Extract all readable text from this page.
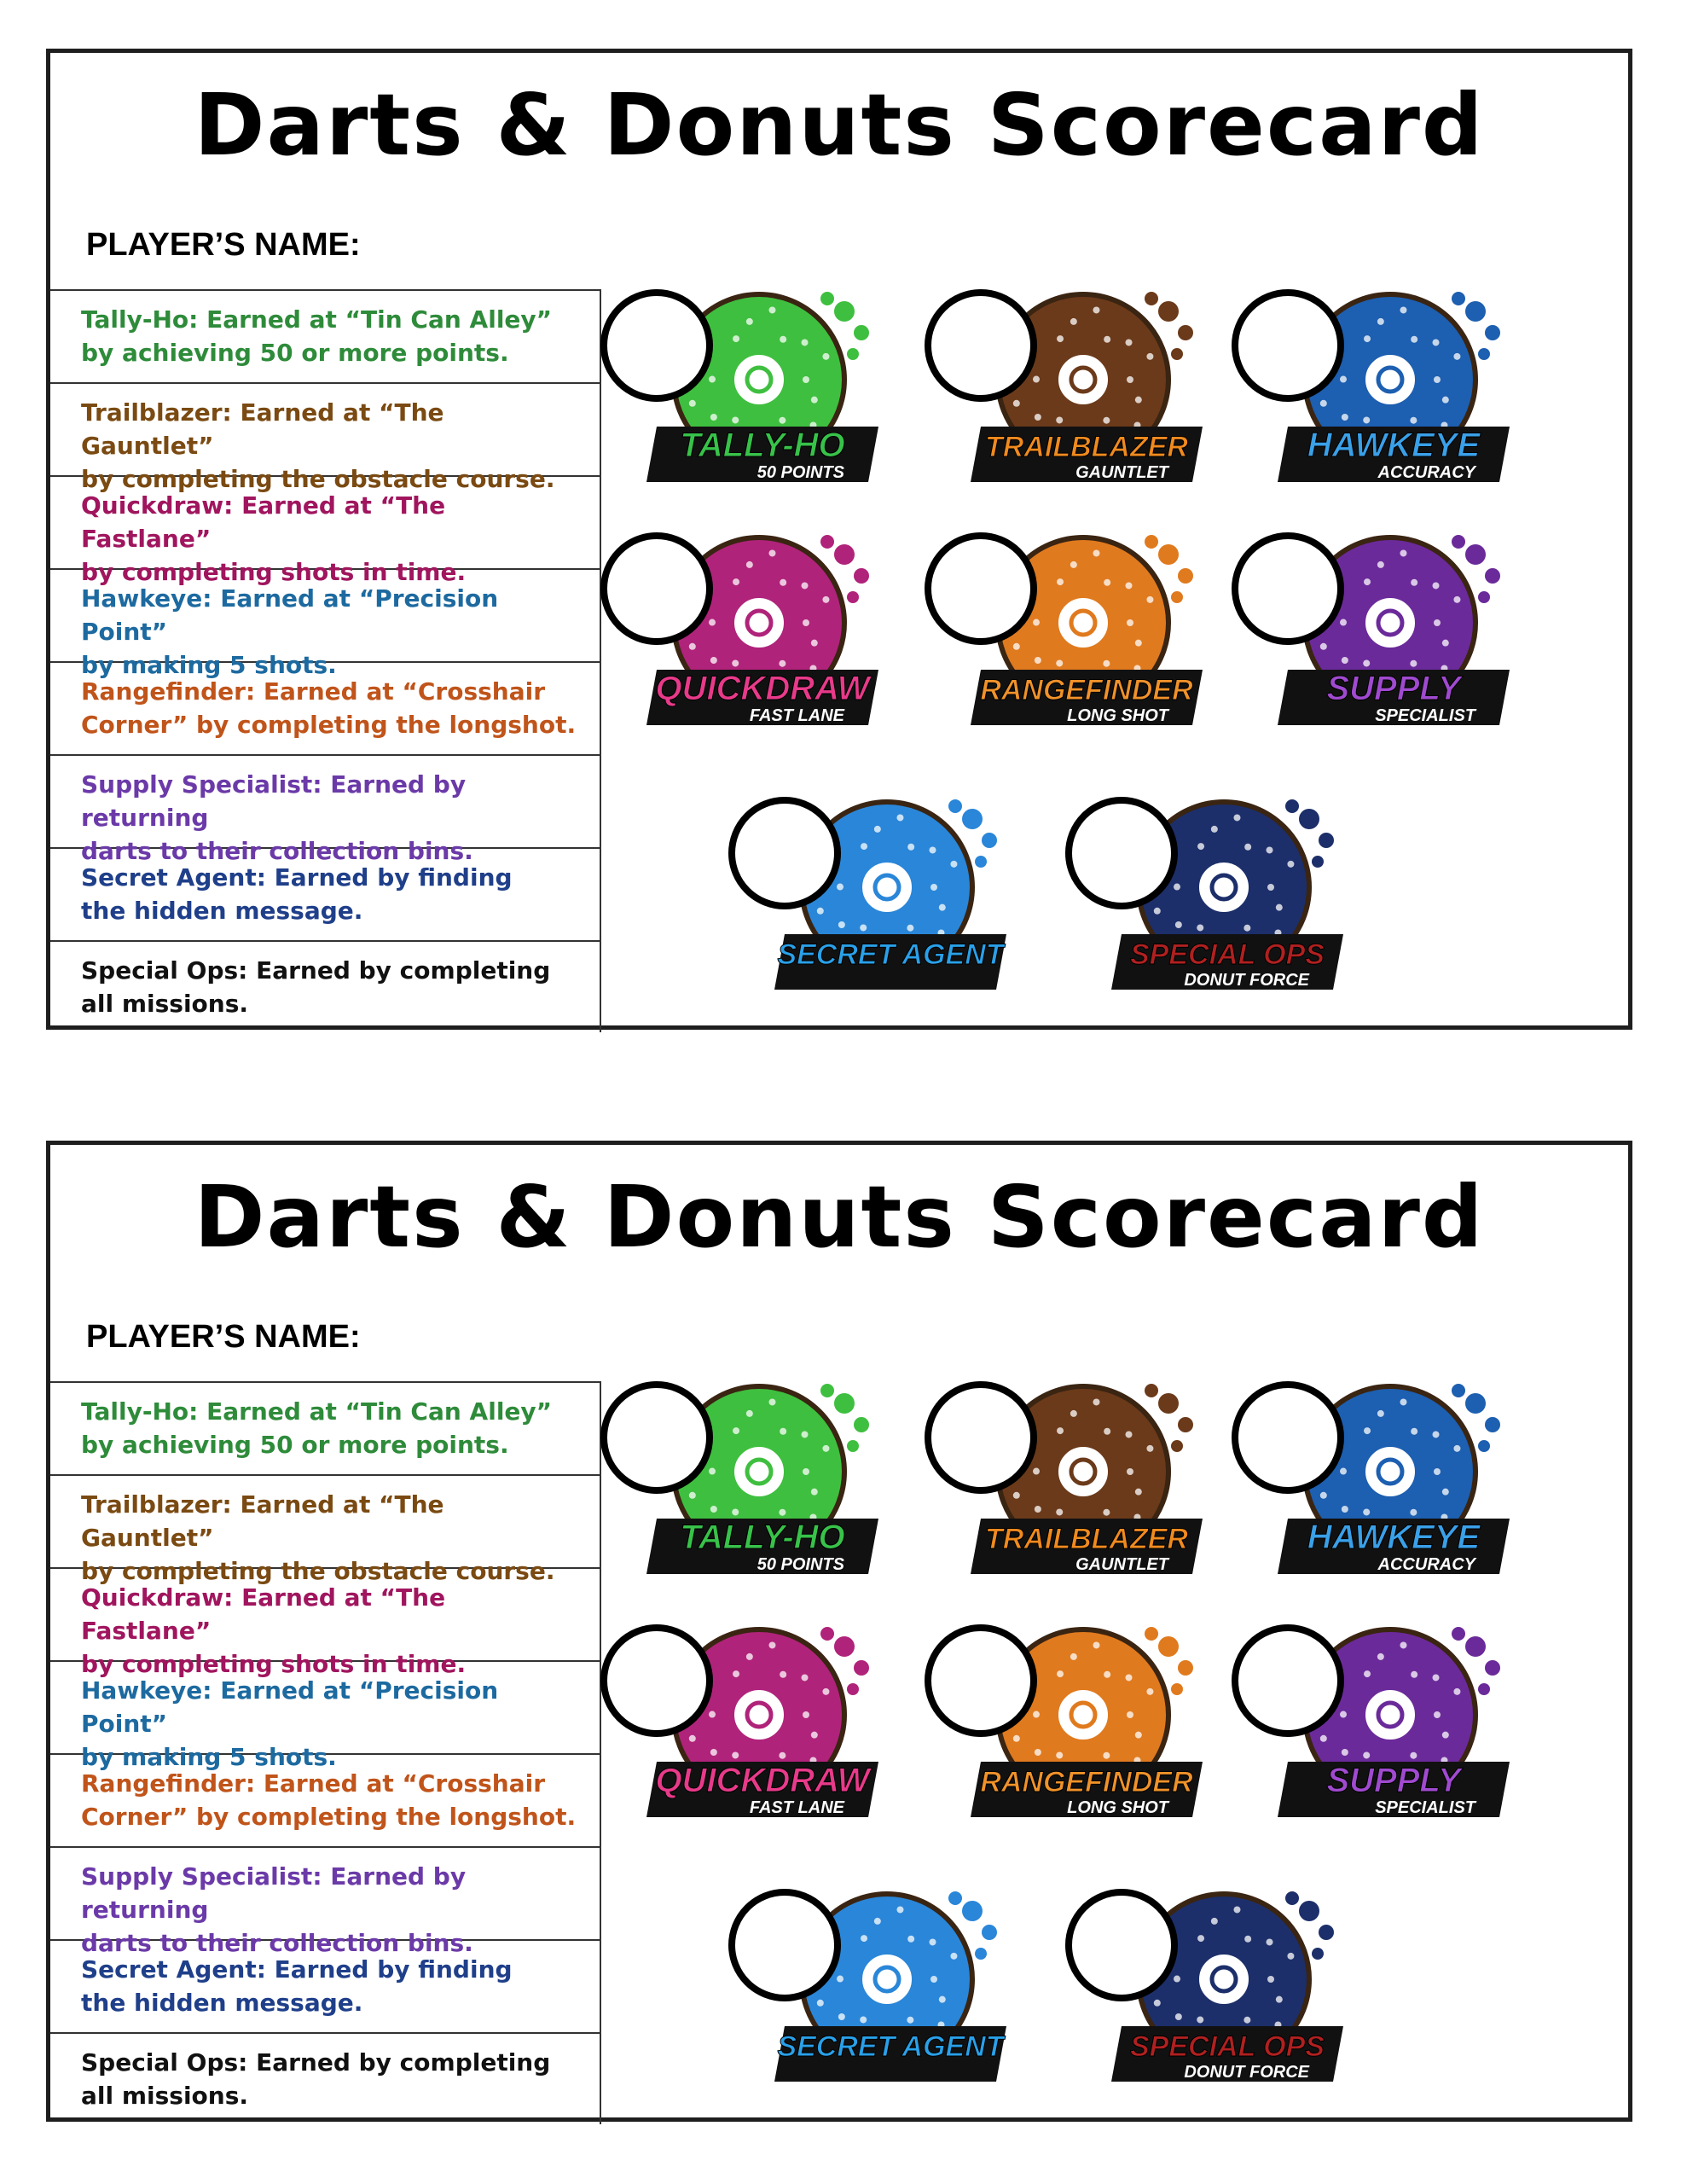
Darts & Donuts Scorecard
PLAYER’S NAME:
Tally-Ho: Earned at “Tin Can Alley”
by achieving 50 or more points.
Trailblazer: Earned at “The Gauntlet”
by completing the obstacle course.
Quickdraw: Earned at “The Fastlane”
by completing shots in time.
Hawkeye: Earned at “Precision Point”
by making 5 shots.
Rangefinder: Earned at “Crosshair
Corner” by completing the longshot.
Supply Specialist: Earned by returning
darts to their collection bins.
Secret Agent: Earned by finding
the hidden message.
Special Ops: Earned by completing
all missions.
TALLY-HO
50 POINTS
TRAILBLAZER
GAUNTLET
HAWKEYE
ACCURACY
QUICKDRAW
FAST LANE
RANGEFINDER
LONG SHOT
SUPPLY
SPECIALIST
SECRET AGENT	SPECIAL OPS
DONUT FORCE
Darts & Donuts Scorecard
PLAYER’S NAME:
Tally-Ho: Earned at “Tin Can Alley”
by achieving 50 or more points.
Trailblazer: Earned at “The Gauntlet”
by completing the obstacle course.
Quickdraw: Earned at “The Fastlane”
by completing shots in time.
Hawkeye: Earned at “Precision Point”
by making 5 shots.
Rangefinder: Earned at “Crosshair
Corner” by completing the longshot.
Supply Specialist: Earned by returning
darts to their collection bins.
Secret Agent: Earned by finding
the hidden message.
Special Ops: Earned by completing
all missions.
TALLY-HO
50 POINTS
TRAILBLAZER
GAUNTLET
HAWKEYE
ACCURACY
QUICKDRAW
FAST LANE
RANGEFINDER
LONG SHOT
SUPPLY
SPECIALIST
SECRET AGENT	SPECIAL OPS
DONUT FORCE
